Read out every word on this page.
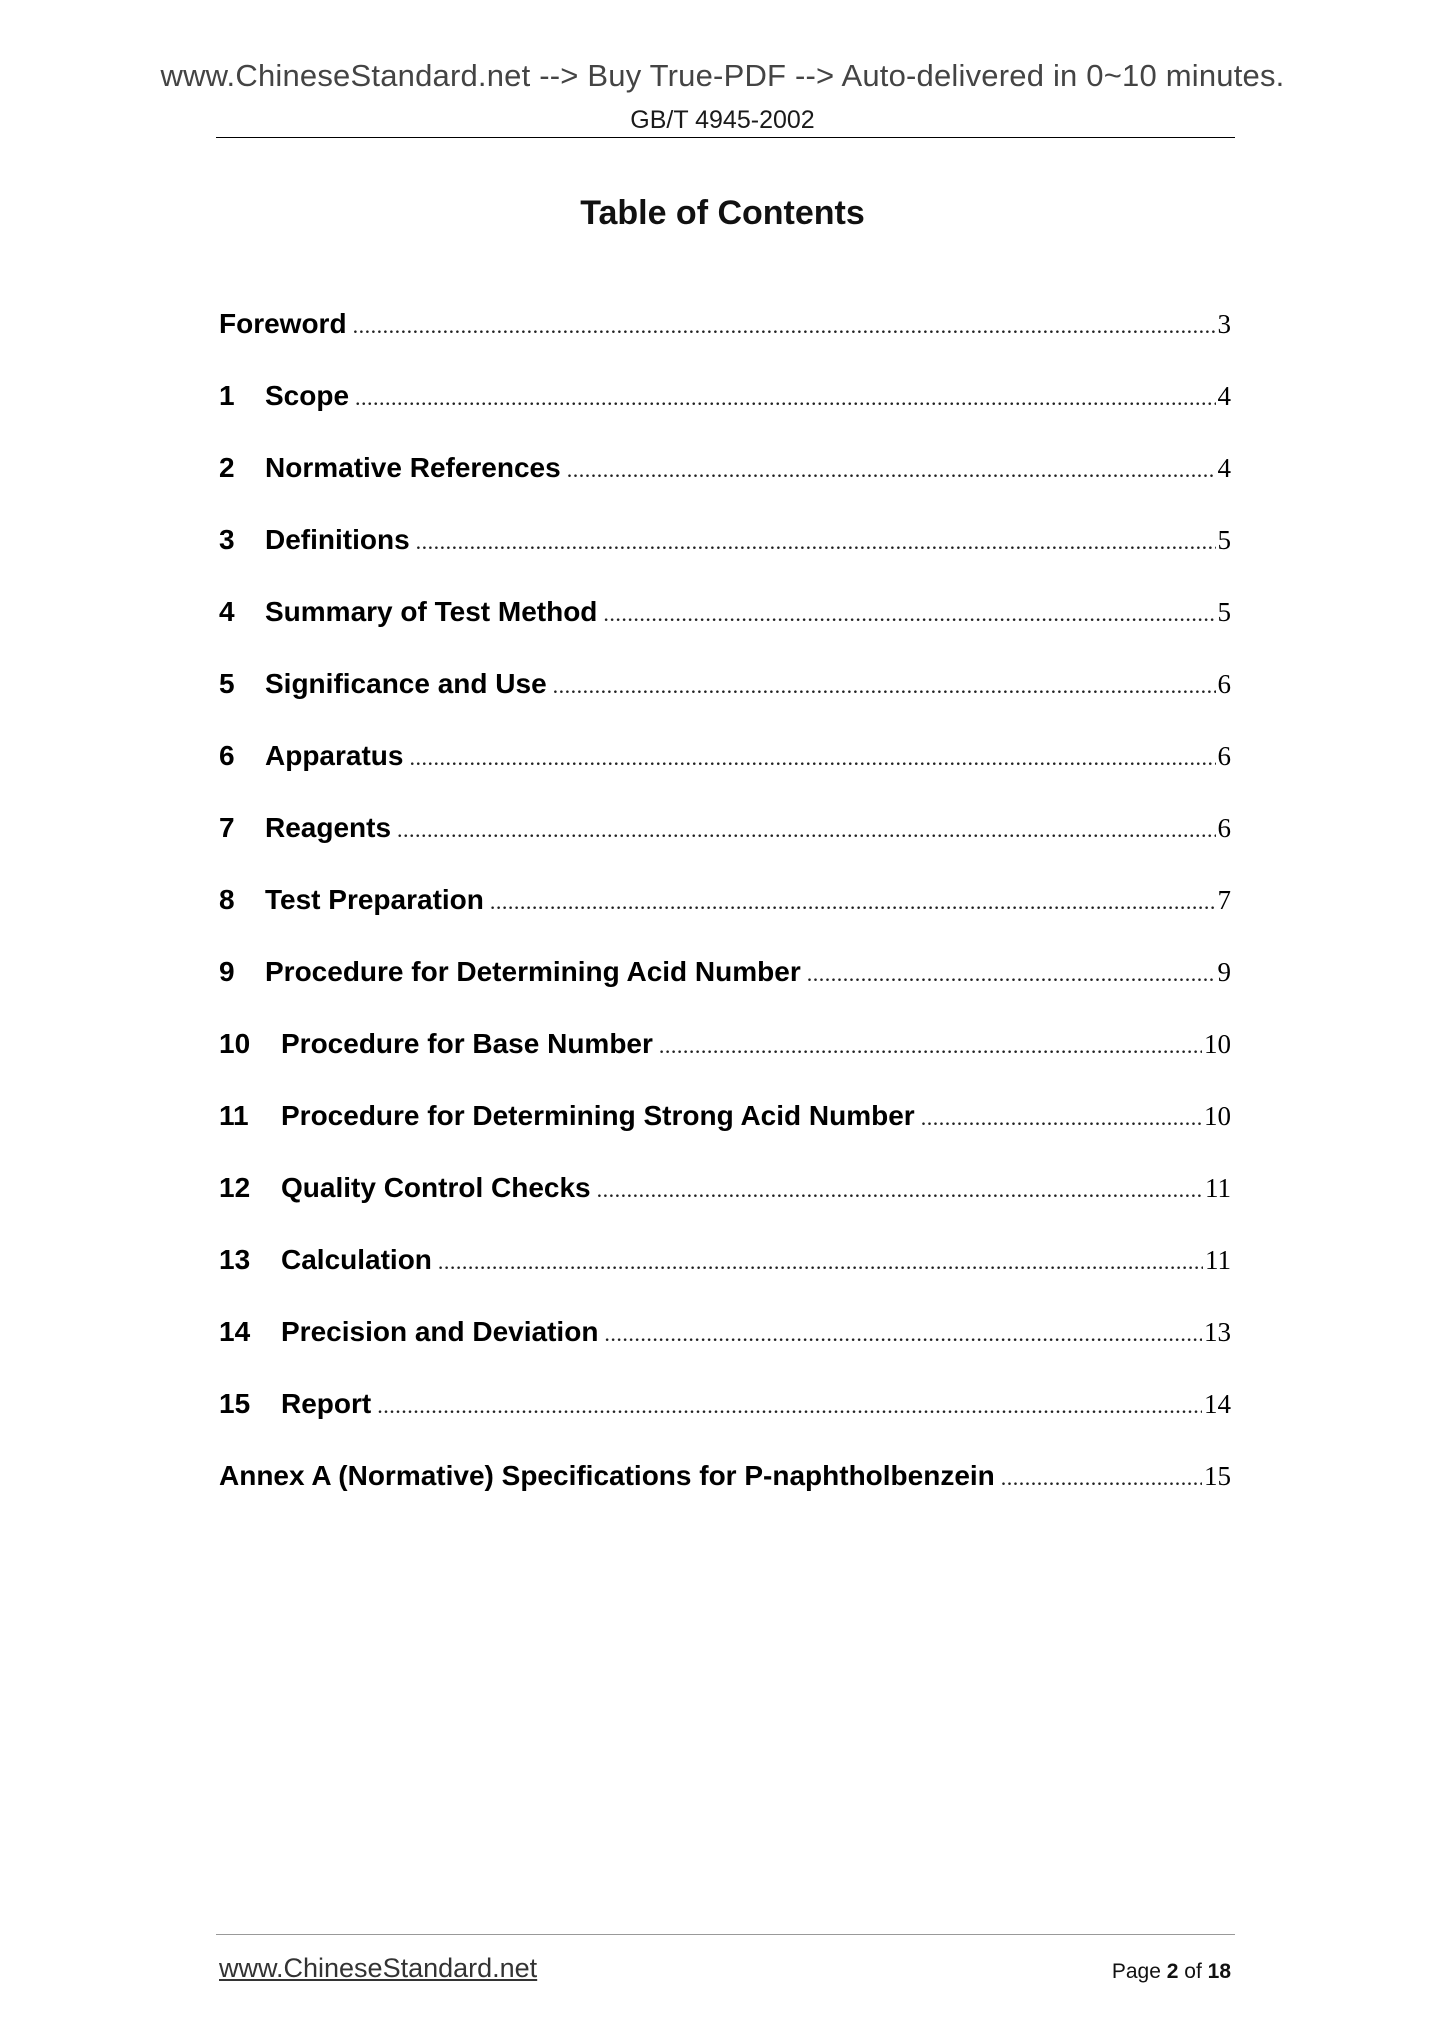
www.ChineseStandard.net --> Buy True-PDF --> Auto-delivered in 0~10 minutes.
GB/T 4945-2002
Table of Contents
Foreword .....	3
1	Scope .....	4
2	Normative References .....	4
3	Definitions .....	5
4	Summary of Test Method .....	5
5	Significance and Use .....	6
6	Apparatus .....	6
7	Reagents .....	6
8	Test Preparation .....	7
9	Procedure for Determining Acid Number .....	9
10	Procedure for Base Number .....	10
11	Procedure for Determining Strong Acid Number .....	10
12	Quality Control Checks .....	11
13	Calculation .....	11
14	Precision and Deviation .....	13
15	Report .....	14
Annex A (Normative) Specifications for P-naphtholbenzein .....	15
www.ChineseStandard.net	Page 2 of 18
